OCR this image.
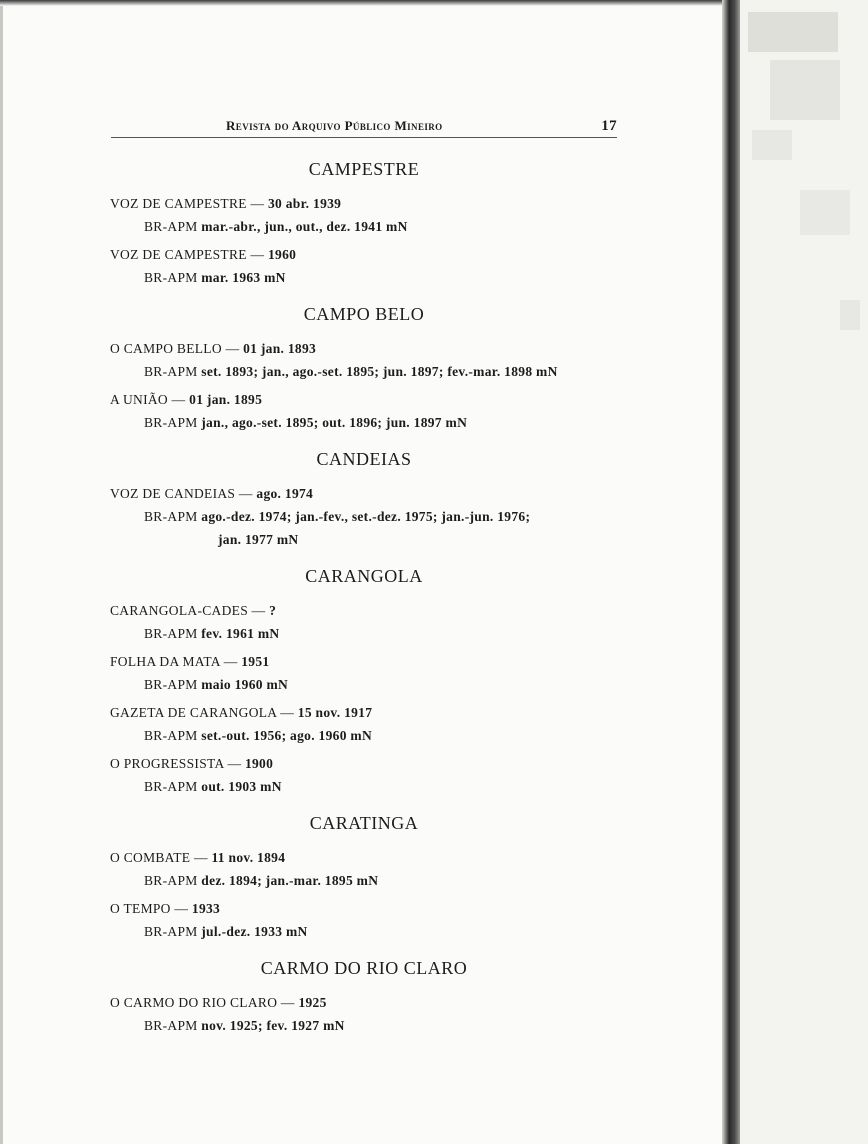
Revista do Arquivo Público Mineiro	17
CAMPESTRE
VOZ DE CAMPESTRE — 30 abr. 1939
BR-APM mar.-abr., jun., out., dez. 1941 mN
VOZ DE CAMPESTRE — 1960
BR-APM mar. 1963 mN
CAMPO BELO
O CAMPO BELLO — 01 jan. 1893
BR-APM set. 1893; jan., ago.-set. 1895; jun. 1897; fev.-mar. 1898 mN
A UNIÃO — 01 jan. 1895
BR-APM jan., ago.-set. 1895; out. 1896; jun. 1897 mN
CANDEIAS
VOZ DE CANDEIAS — ago. 1974
BR-APM ago.-dez. 1974; jan.-fev., set.-dez. 1975; jan.-jun. 1976;
jan. 1977 mN
CARANGOLA
CARANGOLA-CADES — ?
BR-APM fev. 1961 mN
FOLHA DA MATA — 1951
BR-APM maio 1960 mN
GAZETA DE CARANGOLA — 15 nov. 1917
BR-APM set.-out. 1956; ago. 1960 mN
O PROGRESSISTA — 1900
BR-APM out. 1903 mN
CARATINGA
O COMBATE — 11 nov. 1894
BR-APM dez. 1894; jan.-mar. 1895 mN
O TEMPO — 1933
BR-APM jul.-dez. 1933 mN
CARMO DO RIO CLARO
O CARMO DO RIO CLARO — 1925
BR-APM nov. 1925; fev. 1927 mN
